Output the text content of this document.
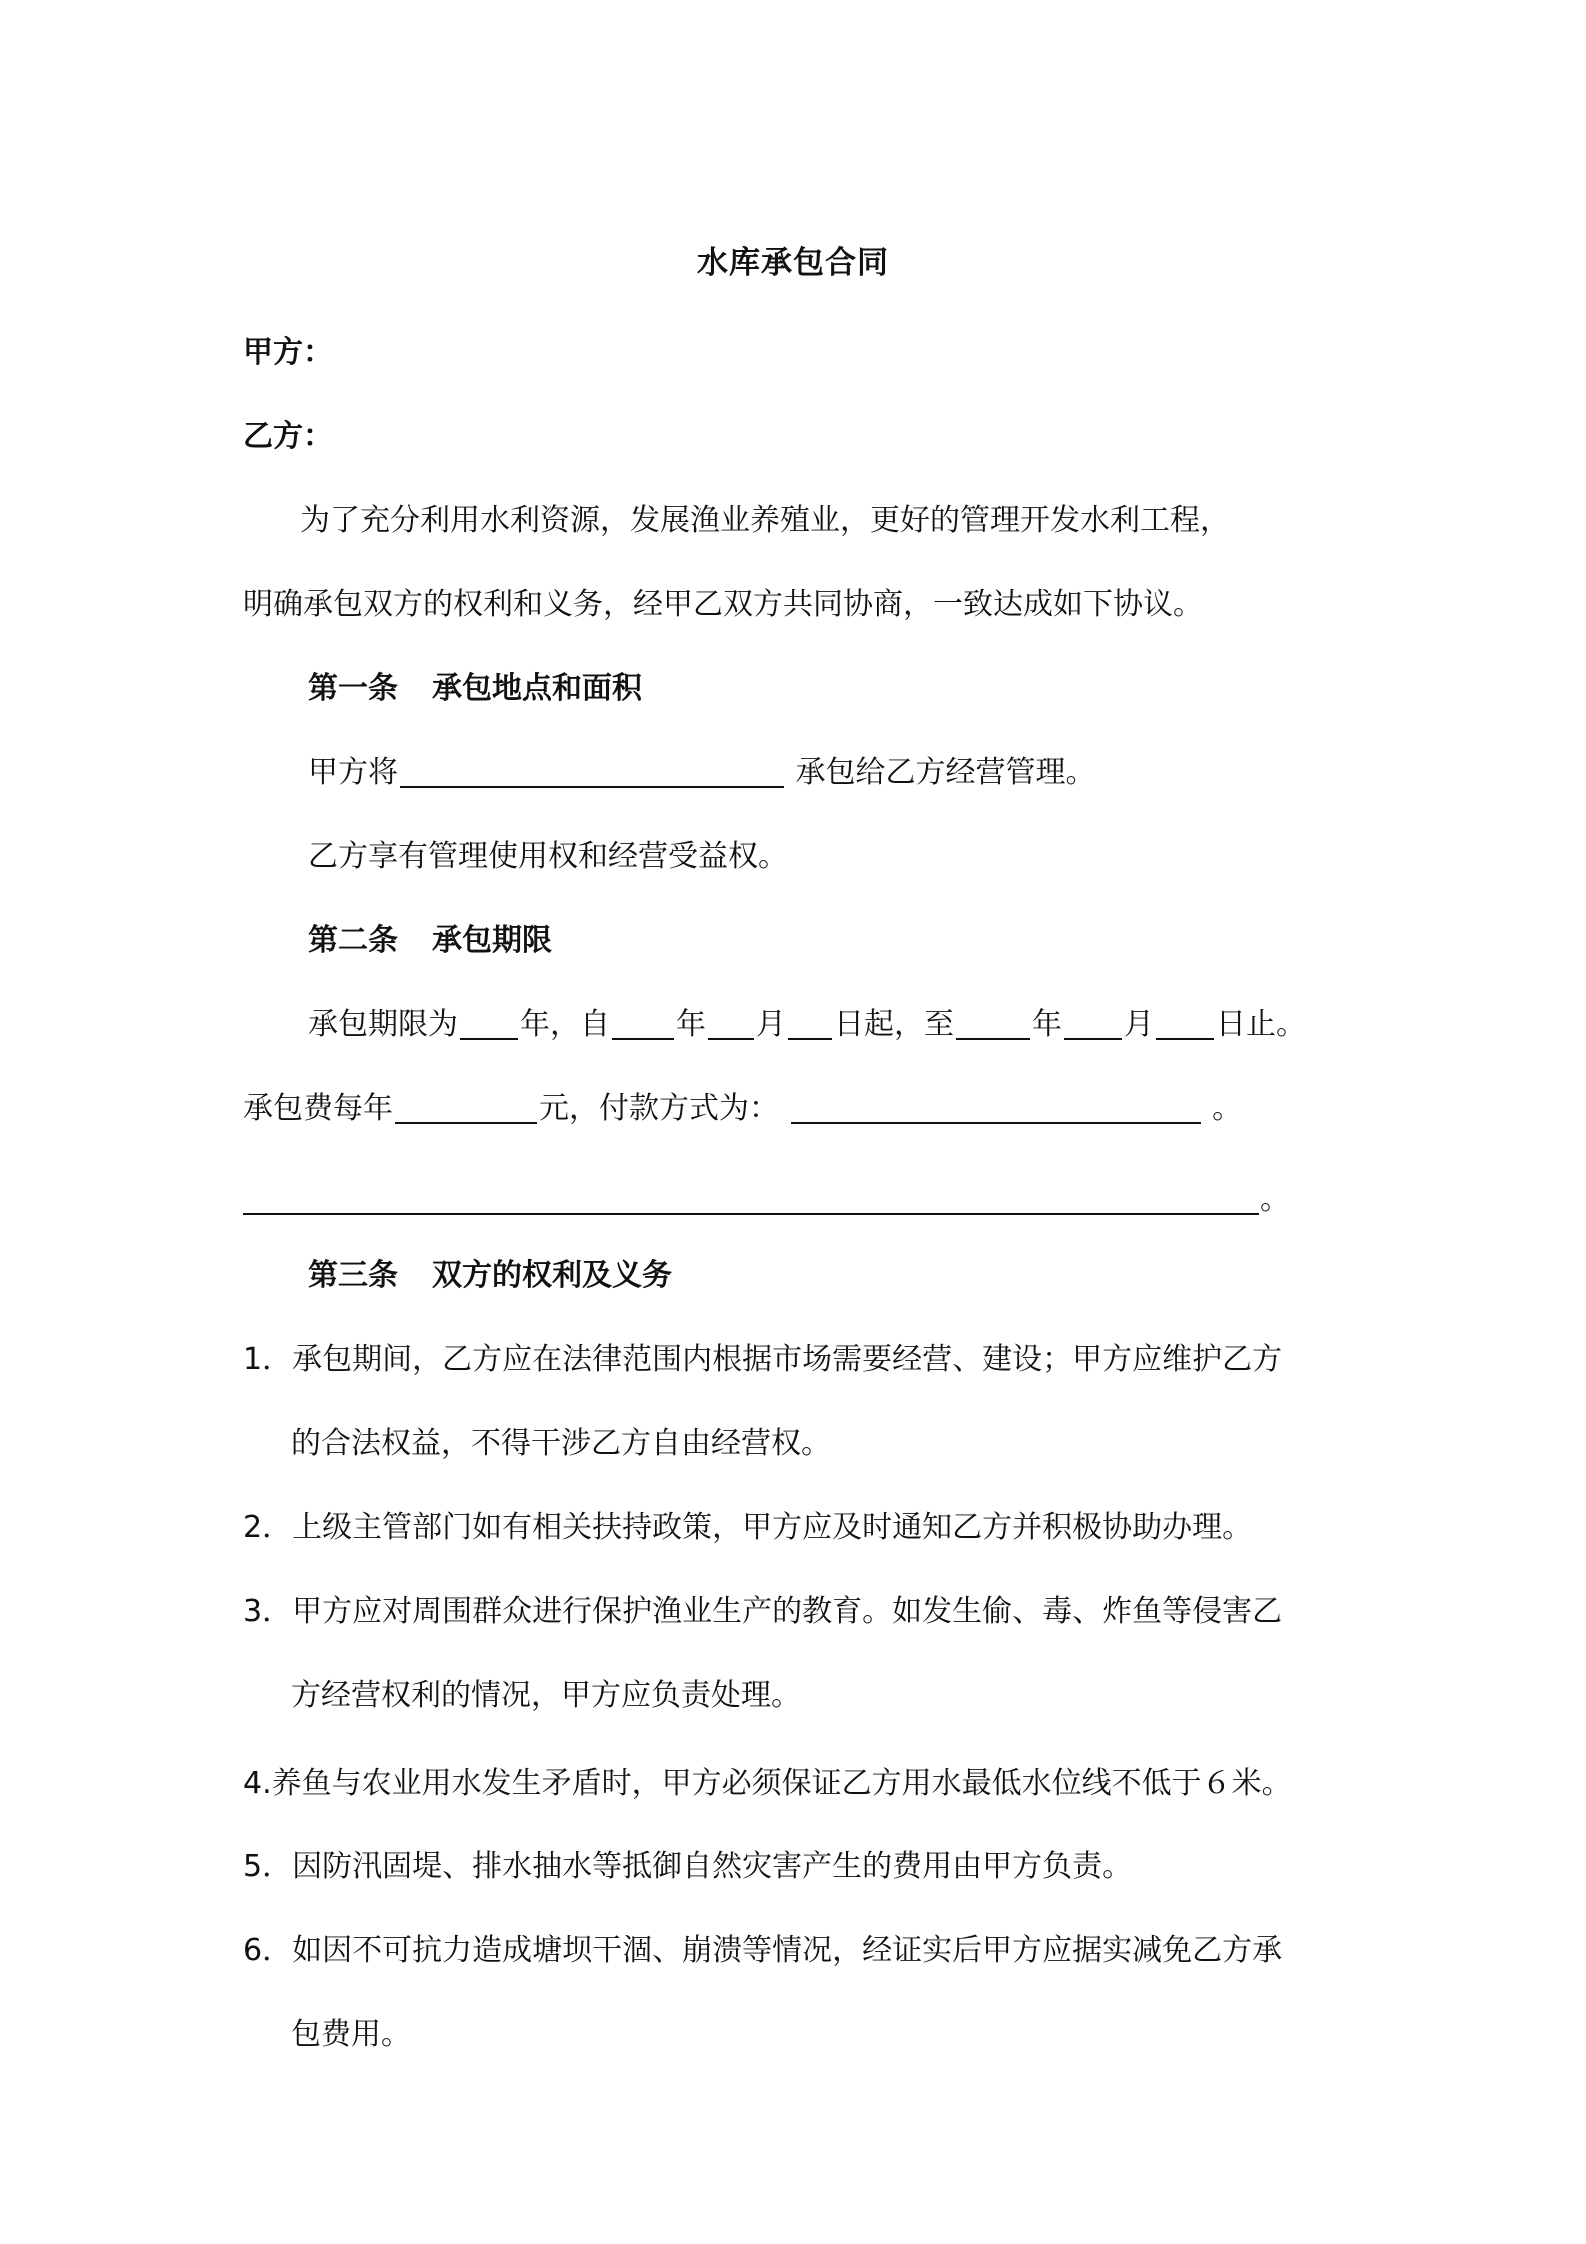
水库承包合同
甲方：
乙方：
为了充分利用水利资源，发展渔业养殖业，更好的管理开发水利工程，
明确承包双方的权利和义务，经甲乙双方共同协商，一致达成如下协议。
第一条 承包地点和面积
甲方将	承包给乙方经营管理。
乙方享有管理使用权和经营受益权。
第二条 承包期限
承包期限为 年，自 年 月 日起，至	年 月 日止。
承包费每年	元，付款方式为：	。
。
第三条 双方的权利及义务
1．承包期间，乙方应在法律范围内根据市场需要经营、建设；甲方应维护乙方
的合法权益，不得干涉乙方自由经营权。
2．上级主管部门如有相关扶持政策，甲方应及时通知乙方并积极协助办理。
3．甲方应对周围群众进行保护渔业生产的教育。如发生偷、毒、炸鱼等侵害乙
方经营权利的情况，甲方应负责处理。
4.养鱼与农业用水发生矛盾时，甲方必须保证乙方用水最低水位线不低于６米。
5．因防汛固堤、排水抽水等抵御自然灾害产生的费用由甲方负责。
6．如因不可抗力造成塘坝干涸、崩溃等情况，经证实后甲方应据实减免乙方承
包费用。
